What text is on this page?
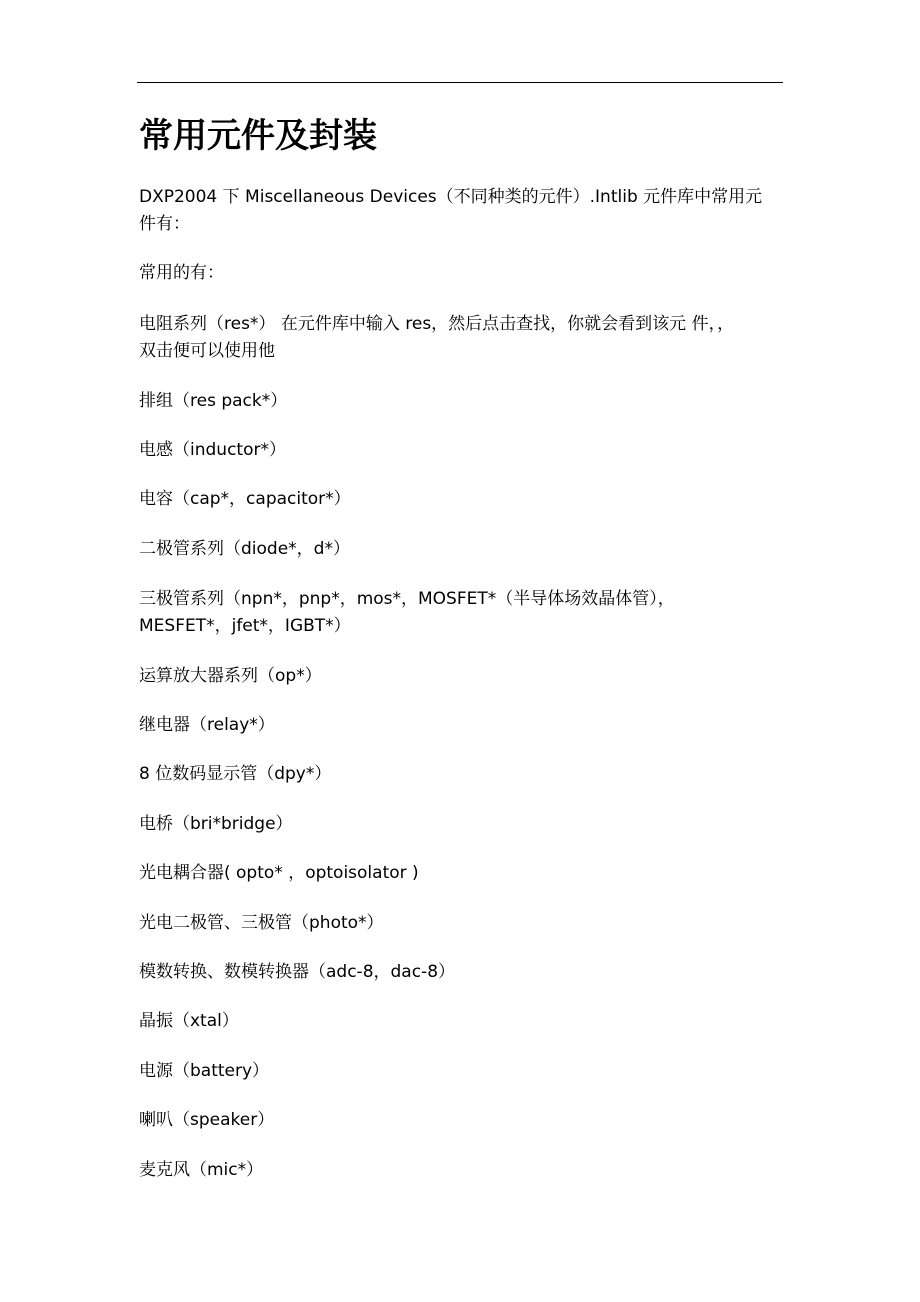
常用元件及封装
DXP2004 下 Miscellaneous Devices（不同种类的元件）.Intlib 元件库中常用元
件有：
常用的有：
电阻系列（res*） 在元件库中输入 res，然后点击查找，你就会看到该元 件，，
双击便可以使用他
排组（res pack*）
电感（inductor*）
电容（cap*，capacitor*）
二极管系列（diode*，d*）
三极管系列（npn*，pnp*，mos*，MOSFET*（半导体场效晶体管），
MESFET*，jfet*，IGBT*）
运算放大器系列（op*）
继电器（relay*）
8 位数码显示管（dpy*）
电桥（bri*bridge）
光电耦合器( opto* ，optoisolator )
光电二极管、三极管（photo*）
模数转换、数模转换器（adc-8，dac-8）
晶振（xtal）
电源（battery）
喇叭（speaker）
麦克风（mic*）
